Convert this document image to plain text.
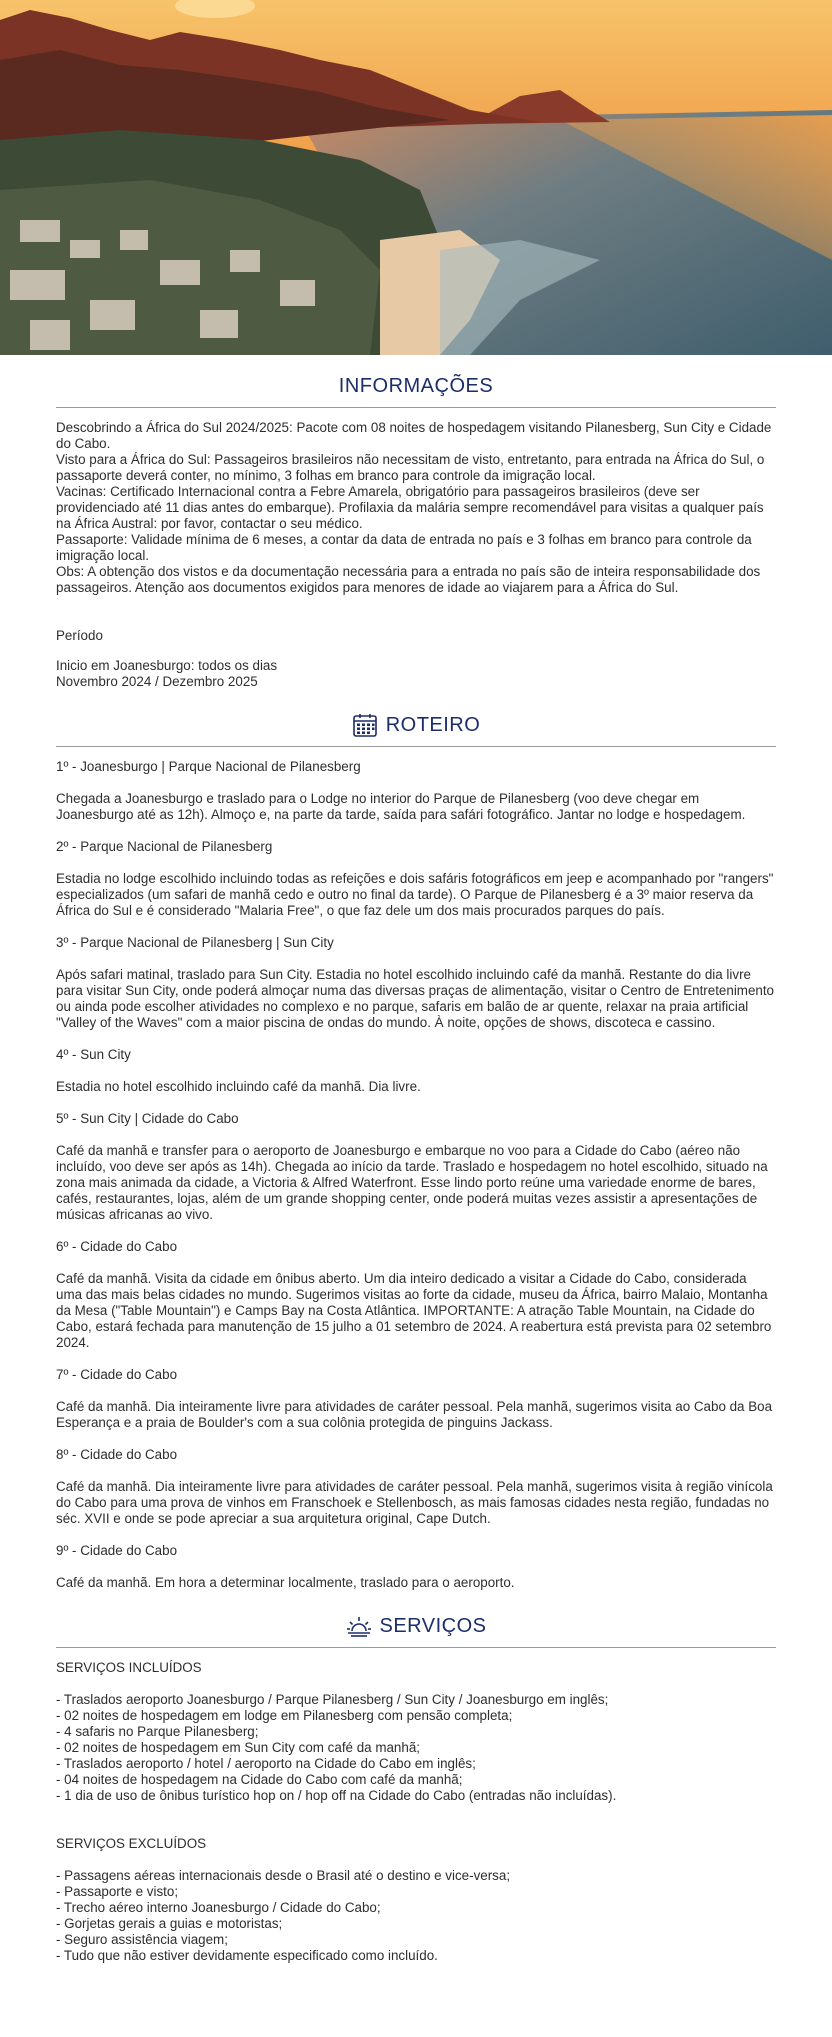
INFORMAÇÕES

Descobrindo a África do Sul 2024/2025: Pacote com 08 noites de hospedagem visitando Pilanesberg, Sun City e Cidade do Cabo.

Visto para a África do Sul: Passageiros brasileiros não necessitam de visto, entretanto, para entrada na África do Sul, o passaporte deverá conter, no mínimo, 3 folhas em branco para controle da imigração local.

Vacinas: Certificado Internacional contra a Febre Amarela, obrigatório para passageiros brasileiros (deve ser providenciado até 11 dias antes do embarque). Profilaxia da malária sempre recomendável para visitas a qualquer país na África Austral: por favor, contactar o seu médico.

Passaporte: Validade mínima de 6 meses, a contar da data de entrada no país e 3 folhas em branco para controle da imigração local.

Obs: A obtenção dos vistos e da documentação necessária para a entrada no país são de inteira responsabilidade dos passageiros. Atenção aos documentos exigidos para menores de idade ao viajarem para a África do Sul.

Período

Inicio em Joanesburgo: todos os dias

Novembro 2024 / Dezembro 2025

ROTEIRO

1º - Joanesburgo | Parque Nacional de Pilanesberg

Chegada a Joanesburgo e traslado para o Lodge no interior do Parque de Pilanesberg (voo deve chegar em Joanesburgo até as 12h). Almoço e, na parte da tarde, saída para safári fotográfico. Jantar no lodge e hospedagem.

2º - Parque Nacional de Pilanesberg

Estadia no lodge escolhido incluindo todas as refeições e dois safáris fotográficos em jeep e acompanhado por "rangers" especializados (um safari de manhã cedo e outro no final da tarde). O Parque de Pilanesberg é a 3º maior reserva da África do Sul e é considerado "Malaria Free", o que faz dele um dos mais procurados parques do país.

3º - Parque Nacional de Pilanesberg | Sun City

Após safari matinal, traslado para Sun City. Estadia no hotel escolhido incluindo café da manhã. Restante do dia livre para visitar Sun City, onde poderá almoçar numa das diversas praças de alimentação, visitar o Centro de Entretenimento ou ainda pode escolher atividades no complexo e no parque, safaris em balão de ar quente, relaxar na praia artificial "Valley of the Waves" com a maior piscina de ondas do mundo. À noite, opções de shows, discoteca e cassino.

4º - Sun City

Estadia no hotel escolhido incluindo café da manhã. Dia livre.

5º - Sun City | Cidade do Cabo

Café da manhã e transfer para o aeroporto de Joanesburgo e embarque no voo para a Cidade do Cabo (aéreo não incluído, voo deve ser após as 14h). Chegada ao início da tarde. Traslado e hospedagem no hotel escolhido, situado na zona mais animada da cidade, a Victoria & Alfred Waterfront. Esse lindo porto reúne uma variedade enorme de bares, cafés, restaurantes, lojas, além de um grande shopping center, onde poderá muitas vezes assistir a apresentações de músicas africanas ao vivo.

6º - Cidade do Cabo

Café da manhã. Visita da cidade em ônibus aberto. Um dia inteiro dedicado a visitar a Cidade do Cabo, considerada uma das mais belas cidades no mundo. Sugerimos visitas ao forte da cidade, museu da África, bairro Malaio, Montanha da Mesa ("Table Mountain") e Camps Bay na Costa Atlântica. IMPORTANTE: A atração Table Mountain, na Cidade do Cabo, estará fechada para manutenção de 15 julho a 01 setembro de 2024. A reabertura está prevista para 02 setembro 2024.

7º - Cidade do Cabo

Café da manhã. Dia inteiramente livre para atividades de caráter pessoal. Pela manhã, sugerimos visita ao Cabo da Boa Esperança e a praia de Boulder's com a sua colônia protegida de pinguins Jackass.

8º - Cidade do Cabo

Café da manhã. Dia inteiramente livre para atividades de caráter pessoal. Pela manhã, sugerimos visita à região vinícola do Cabo para uma prova de vinhos em Franschoek e Stellenbosch, as mais famosas cidades nesta região, fundadas no séc. XVII e onde se pode apreciar a sua arquitetura original, Cape Dutch.

9º - Cidade do Cabo

Café da manhã. Em hora a determinar localmente, traslado para o aeroporto.

SERVIÇOS

SERVIÇOS INCLUÍDOS

- Traslados aeroporto Joanesburgo / Parque Pilanesberg / Sun City / Joanesburgo em inglês;
- 02 noites de hospedagem em lodge em Pilanesberg com pensão completa;
- 4 safaris no Parque Pilanesberg;
- 02 noites de hospedagem em Sun City com café da manhã;
- Traslados aeroporto / hotel / aeroporto na Cidade do Cabo em inglês;
- 04 noites de hospedagem na Cidade do Cabo com café da manhã;
- 1 dia de uso de ônibus turístico hop on / hop off na Cidade do Cabo (entradas não incluídas).

SERVIÇOS EXCLUÍDOS

- Passagens aéreas internacionais desde o Brasil até o destino e vice-versa;
- Passaporte e visto;
- Trecho aéreo interno Joanesburgo / Cidade do Cabo;
- Gorjetas gerais a guias e motoristas;
- Seguro assistência viagem;
- Tudo que não estiver devidamente especificado como incluído.
